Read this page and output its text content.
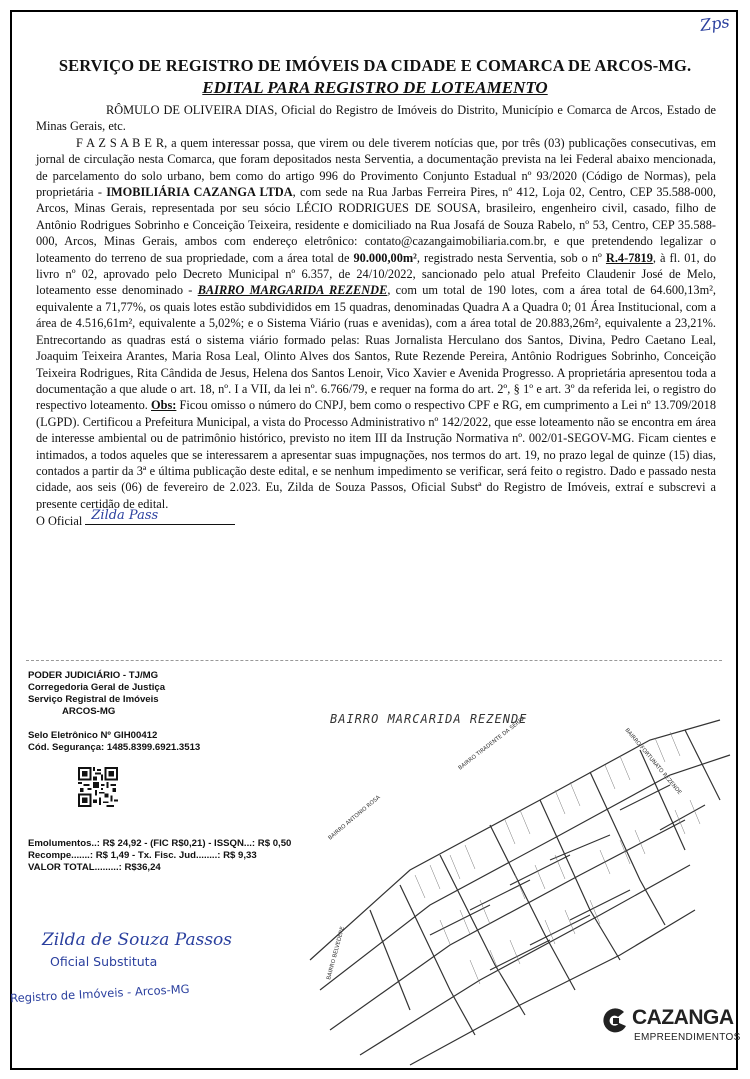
Zps
SERVIÇO DE REGISTRO DE IMÓVEIS DA CIDADE E COMARCA DE ARCOS-MG.
EDITAL PARA REGISTRO DE LOTEAMENTO

RÔMULO DE OLIVEIRA DIAS, Oficial do Registro de Imóveis do Distrito, Município e Comarca de Arcos, Estado de Minas Gerais, etc.

F A Z S A B E R, a quem interessar possa, que virem ou dele tiverem notícias que, por três (03) publicações consecutivas, em jornal de circulação nesta Comarca, que foram depositados nesta Serventia, a documentação prevista na lei Federal abaixo mencionada, de parcelamento do solo urbano, bem como do artigo 996 do Provimento Conjunto Estadual nº 93/2020 (Código de Normas), pela proprietária - IMOBILIÁRIA CAZANGA LTDA, com sede na Rua Jarbas Ferreira Pires, nº 412, Loja 02, Centro, CEP 35.588-000, Arcos, Minas Gerais, representada por seu sócio LÉCIO RODRIGUES DE SOUSA, brasileiro, engenheiro civil, casado, filho de Antônio Rodrigues Sobrinho e Conceição Teixeira, residente e domiciliado na Rua Josafá de Souza Rabelo, nº 53, Centro, CEP 35.588-000, Arcos, Minas Gerais, ambos com endereço eletrônico: contato@cazangaimobiliaria.com.br, e que pretendendo legalizar o loteamento do terreno de sua propriedade, com a área total de 90.000,00m², registrado nesta Serventia, sob o nº R.4-7819, à fl. 01, do livro nº 02, aprovado pelo Decreto Municipal nº 6.357, de 24/10/2022, sancionado pelo atual Prefeito Claudenir José de Melo, loteamento esse denominado - BAIRRO MARGARIDA REZENDE, com um total de 190 lotes, com a área total de 64.600,13m², equivalente a 71,77%, os quais lotes estão subdivididos em 15 quadras, denominadas Quadra A a Quadra 0; 01 Área Institucional, com a área de 4.516,61m², equivalente a 5,02%; e o Sistema Viário (ruas e avenidas), com a área total de 20.883,26m², equivalente a 23,21%. Entrecortando as quadras está o sistema viário formado pelas: Ruas Jornalista Herculano dos Santos, Divina, Pedro Caetano Leal, Joaquim Teixeira Arantes, Maria Rosa Leal, Olinto Alves dos Santos, Rute Rezende Pereira, Antônio Rodrigues Sobrinho, Conceição Teixeira Rodrigues, Rita Cândida de Jesus, Helena dos Santos Lenoir, Vico Xavier e Avenida Progresso. A proprietária apresentou toda a documentação a que alude o art. 18, nº. I a VII, da lei nº. 6.766/79, e requer na forma do art. 2º, § 1º e art. 3º da referida lei, o registro do respectivo loteamento. Obs: Ficou omisso o número do CNPJ, bem como o respectivo CPF e RG, em cumprimento a Lei nº 13.709/2018 (LGPD). Certificou a Prefeitura Municipal, a vista do Processo Administrativo nº 142/2022, que esse loteamento não se encontra em área de interesse ambiental ou de patrimônio histórico, previsto no item III da Instrução Normativa nº. 002/01-SEGOV-MG. Ficam cientes e intimados, a todos aqueles que se interessarem a apresentar suas impugnações, nos termos do art. 19, no prazo legal de quinze (15) dias, contados a partir da 3ª e última publicação deste edital, e se nenhum impedimento se verificar, será feito o registro. Dado e passado nesta cidade, aos seis (06) de fevereiro de 2.023. Eu, Zilda de Souza Passos, Oficial Substª do Registro de Imóveis, extraí e subscrevi a presente certidão de edital.

O Oficial Zilda Pass

PODER JUDICIÁRIO - TJ/MG
Corregedoria Geral de Justiça
Serviço Registral de Imóveis
ARCOS-MG
Selo Eletrônico Nº GIH00412
Cód. Segurança: 1485.8399.6921.3513
Emolumentos..: R$ 24,92 - (FIC R$0,21) - ISSQN...: R$ 0,50
Recompe.......: R$ 1,49 - Tx. Fisc. Jud........: R$ 9,33
VALOR TOTAL.........: R$36,24
Zilda de Souza Passos
Oficial Substituta
Registro de Imóveis - Arcos-MG
BAIRRO ANTONIO ROSA
BAIRRO TIRADENTE DA SERRA	BAIRRO FORTUNATO REZENDE
BAIRRO BELVEDERE
BAIRRO MARCARIDA REZENDE
CAZANGA
EMPREENDIMENTOS
